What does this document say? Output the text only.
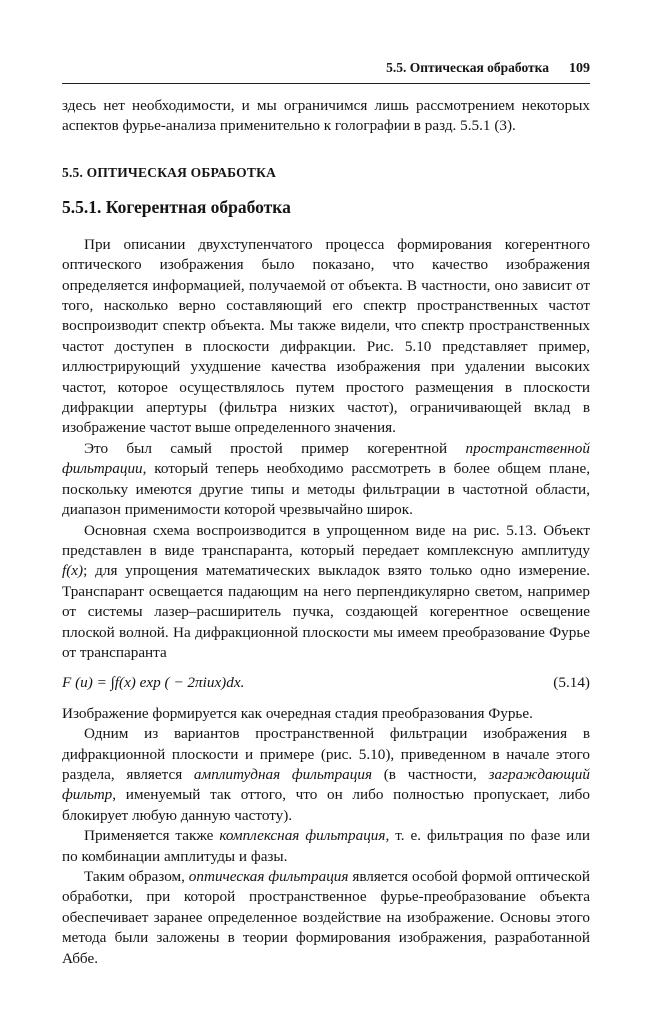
5.5. Оптическая обработка 109

здесь нет необходимости, и мы ограничимся лишь рассмотрением некоторых аспектов фурье-анализа применительно к голографии в разд. 5.5.1 (3).

5.5. ОПТИЧЕСКАЯ ОБРАБОТКА
5.5.1. Когерентная обработка

При описании двухступенчатого процесса формирования когерентного оптического изображения было показано, что качество изображения определяется информацией, получаемой от объекта. В частности, оно зависит от того, насколько верно составляющий его спектр пространственных частот воспроизводит спектр объекта. Мы также видели, что спектр пространственных частот доступен в плоскости дифракции. Рис. 5.10 представляет пример, иллюстрирующий ухудшение качества изображения при удалении высоких частот, которое осуществлялось путем простого размещения в плоскости дифракции апертуры (фильтра низких частот), ограничивающей вклад в изображение частот выше определенного значения.

Это был самый простой пример когерентной пространственной фильтрации, который теперь необходимо рассмотреть в более общем плане, поскольку имеются другие типы и методы фильтрации в частотной области, диапазон применимости которой чрезвычайно широк.

Основная схема воспроизводится в упрощенном виде на рис. 5.13. Объект представлен в виде транспаранта, который передает комплексную амплитуду f(x); для упрощения математических выкладок взято только одно измерение. Транспарант освещается падающим на него перпендикулярно светом, например от системы лазер–расширитель пучка, создающей когерентное освещение плоской волной. На дифракционной плоскости мы имеем преобразование Фурье от транспаранта

F (u) = ∫f(x) exp ( − 2πiux)dx.	(5.14)

Изображение формируется как очередная стадия преобразования Фурье.

Одним из вариантов пространственной фильтрации изображения в дифракционной плоскости и примере (рис. 5.10), приведенном в начале этого раздела, является амплитудная фильтрация (в частности, заграждающий фильтр, именуемый так оттого, что он либо полностью пропускает, либо блокирует любую данную частоту).

Применяется также комплексная фильтрация, т. е. фильтрация по фазе или по комбинации амплитуды и фазы.

Таким образом, оптическая фильтрация является особой формой оптической обработки, при которой пространственное фурье-преобразование объекта обеспечивает заранее определенное воздействие на изображение. Основы этого метода были заложены в теории формирования изображения, разработанной Аббе.
